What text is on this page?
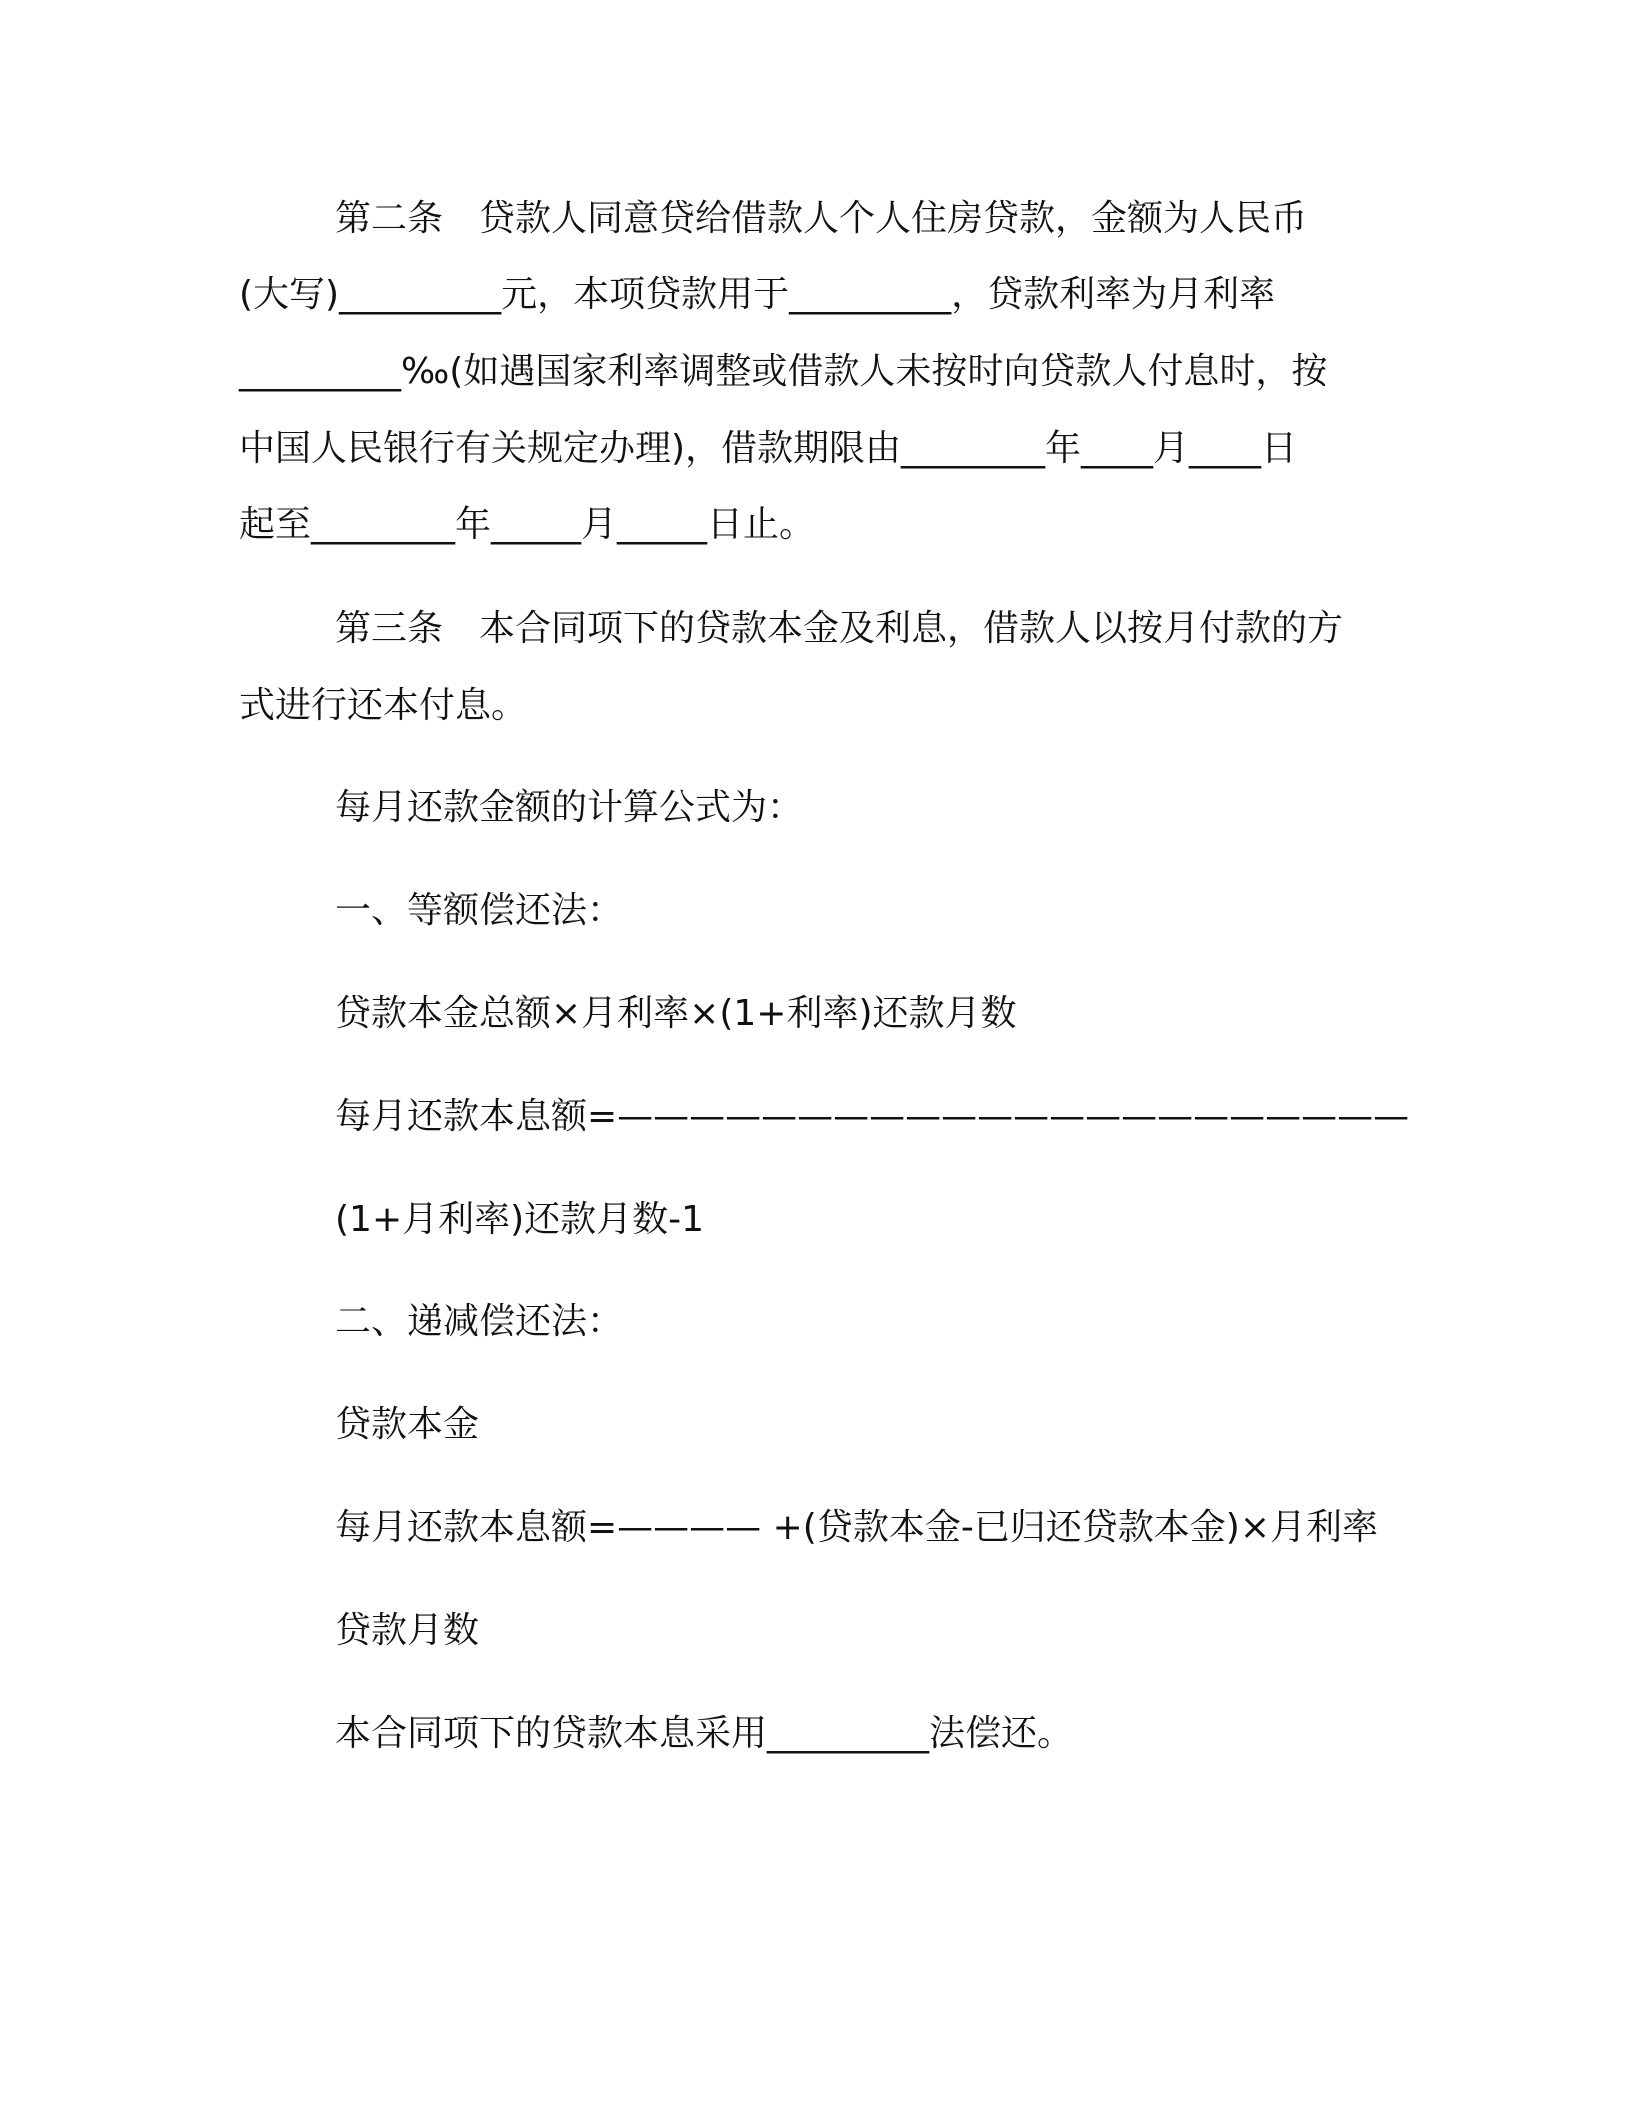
第二条　贷款人同意贷给借款人个人住房贷款，金额为人民币
(大写)_________元，本项贷款用于_________，贷款利率为月利率
_________‰(如遇国家利率调整或借款人未按时向贷款人付息时，按
中国人民银行有关规定办理)，借款期限由________年____月____日
起至________年_____月_____日止。
第三条　本合同项下的贷款本金及利息，借款人以按月付款的方
式进行还本付息。
每月还款金额的计算公式为：
一、等额偿还法：
贷款本金总额×月利率×(1+利率)还款月数
每月还款本息额=——————————————————————
(1+月利率)还款月数-1
二、递减偿还法：
贷款本金
每月还款本息额=———— +(贷款本金-已归还贷款本金)×月利率
贷款月数
本合同项下的贷款本息采用_________法偿还。
